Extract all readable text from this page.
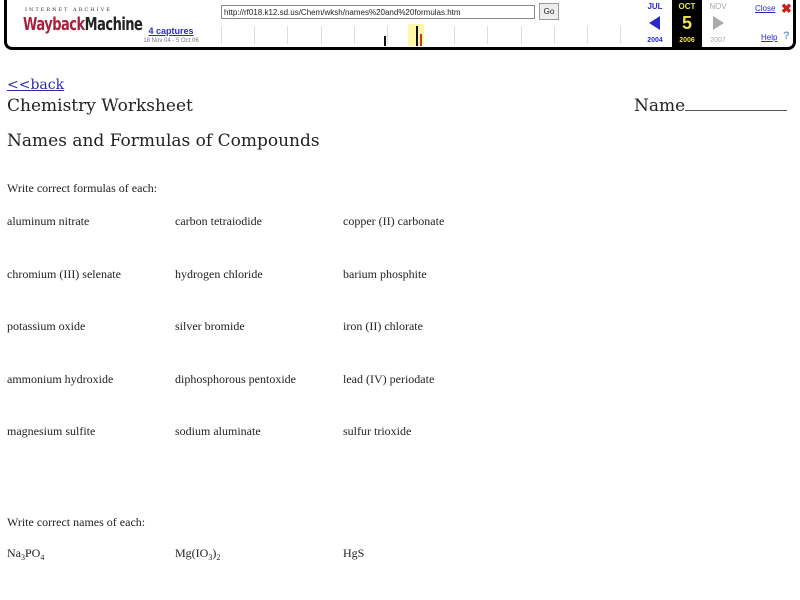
INTERNET ARCHIVE
WaybackMachine 4 captures
18 Nov 04 - 5 Oct 06
http://rf018.k12.sd.us/Chem/wksh/names%20and%20formulas.htm
Go
JUL
2004
OCT
5
2006
NOV
2007
Close ✖
Help ?
<<back
Chemistry Worksheet	Name
Names and Formulas of Compounds
Write correct formulas of each:
aluminum nitrate	carbon tetraiodide	copper (II) carbonate
chromium (III) selenate	hydrogen chloride	barium phosphite
potassium oxide	silver bromide	iron (II) chlorate
ammonium hydroxide	diphosphorous pentoxide	lead (IV) periodate
magnesium sulfite	sodium aluminate	sulfur trioxide
Write correct names of each:
$Na_3PO_4$	$Mg(IO_3)_2$	HgS
